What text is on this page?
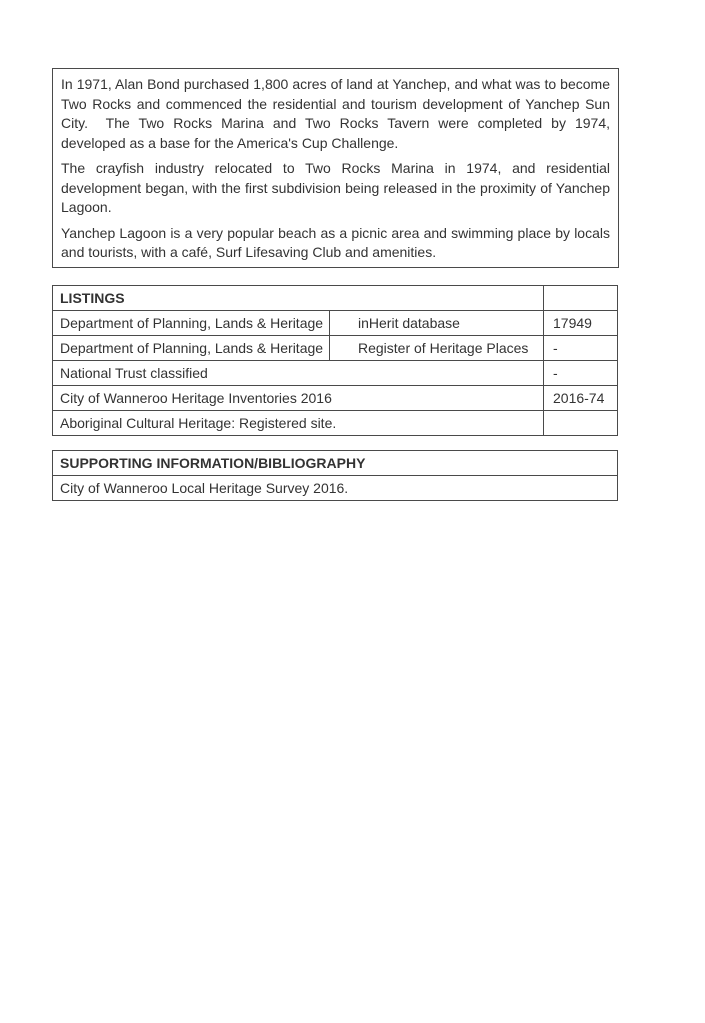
In 1971, Alan Bond purchased 1,800 acres of land at Yanchep, and what was to become Two Rocks and commenced the residential and tourism development of Yanchep Sun City.  The Two Rocks Marina and Two Rocks Tavern were completed by 1974, developed as a base for the America's Cup Challenge.

The crayfish industry relocated to Two Rocks Marina in 1974, and residential development began, with the first subdivision being released in the proximity of Yanchep Lagoon.

Yanchep Lagoon is a very popular beach as a picnic area and swimming place by locals and tourists, with a café, Surf Lifesaving Club and amenities.

LISTINGS		
Department of Planning, Lands & Heritage	inHerit database	17949
Department of Planning, Lands & Heritage	Register of Heritage Places	-
National Trust classified		-
City of Wanneroo Heritage Inventories 2016		2016-74
Aboriginal Cultural Heritage: Registered site.		
SUPPORTING INFORMATION/BIBLIOGRAPHY
City of Wanneroo Local Heritage Survey 2016.
